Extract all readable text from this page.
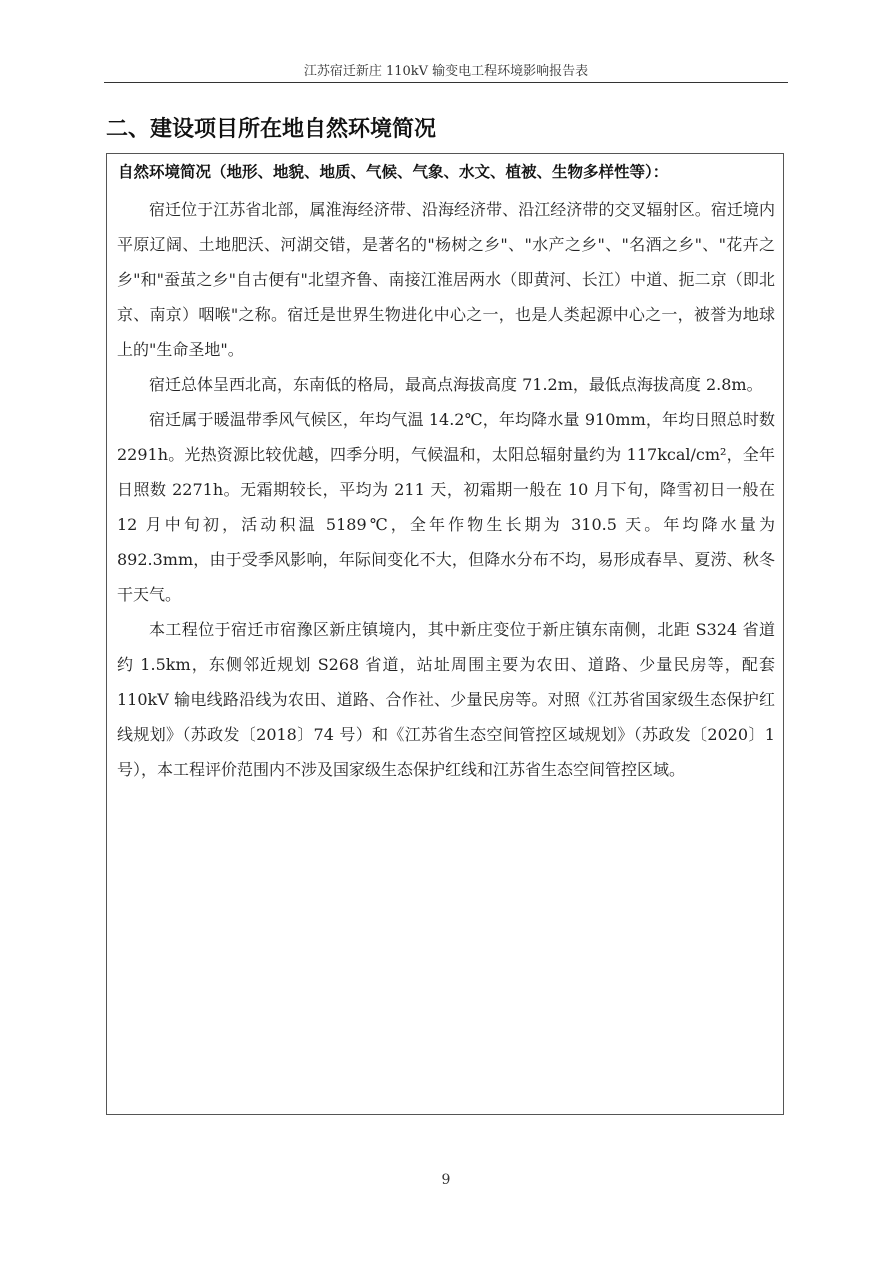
江苏宿迁新庄 110kV 输变电工程环境影响报告表
二、建设项目所在地自然环境简况
自然环境简况（地形、地貌、地质、气候、气象、水文、植被、生物多样性等）：

宿迁位于江苏省北部，属淮海经济带、沿海经济带、沿江经济带的交叉辐射区。宿迁境内平原辽阔、土地肥沃、河湖交错，是著名的"杨树之乡"、"水产之乡"、"名酒之乡"、"花卉之乡"和"蚕茧之乡"自古便有"北望齐鲁、南接江淮居两水（即黄河、长江）中道、扼二京（即北京、南京）咽喉"之称。宿迁是世界生物进化中心之一，也是人类起源中心之一，被誉为地球上的"生命圣地"。

宿迁总体呈西北高，东南低的格局，最高点海拔高度 71.2m，最低点海拔高度 2.8m。

宿迁属于暖温带季风气候区，年均气温 14.2℃，年均降水量 910mm，年均日照总时数 2291h。光热资源比较优越，四季分明，气候温和，太阳总辐射量约为 117kcal/cm²，全年日照数 2271h。无霜期较长，平均为 211 天，初霜期一般在 10 月下旬，降雪初日一般在 12 月中旬初，活动积温 5189℃，全年作物生长期为 310.5 天。年均降水量为 892.3mm，由于受季风影响，年际间变化不大，但降水分布不均，易形成春旱、夏涝、秋冬干天气。

本工程位于宿迁市宿豫区新庄镇境内，其中新庄变位于新庄镇东南侧，北距 S324 省道约 1.5km，东侧邻近规划 S268 省道，站址周围主要为农田、道路、少量民房等，配套 110kV 输电线路沿线为农田、道路、合作社、少量民房等。对照《江苏省国家级生态保护红线规划》（苏政发〔2018〕74 号）和《江苏省生态空间管控区域规划》（苏政发〔2020〕1 号），本工程评价范围内不涉及国家级生态保护红线和江苏省生态空间管控区域。

9
